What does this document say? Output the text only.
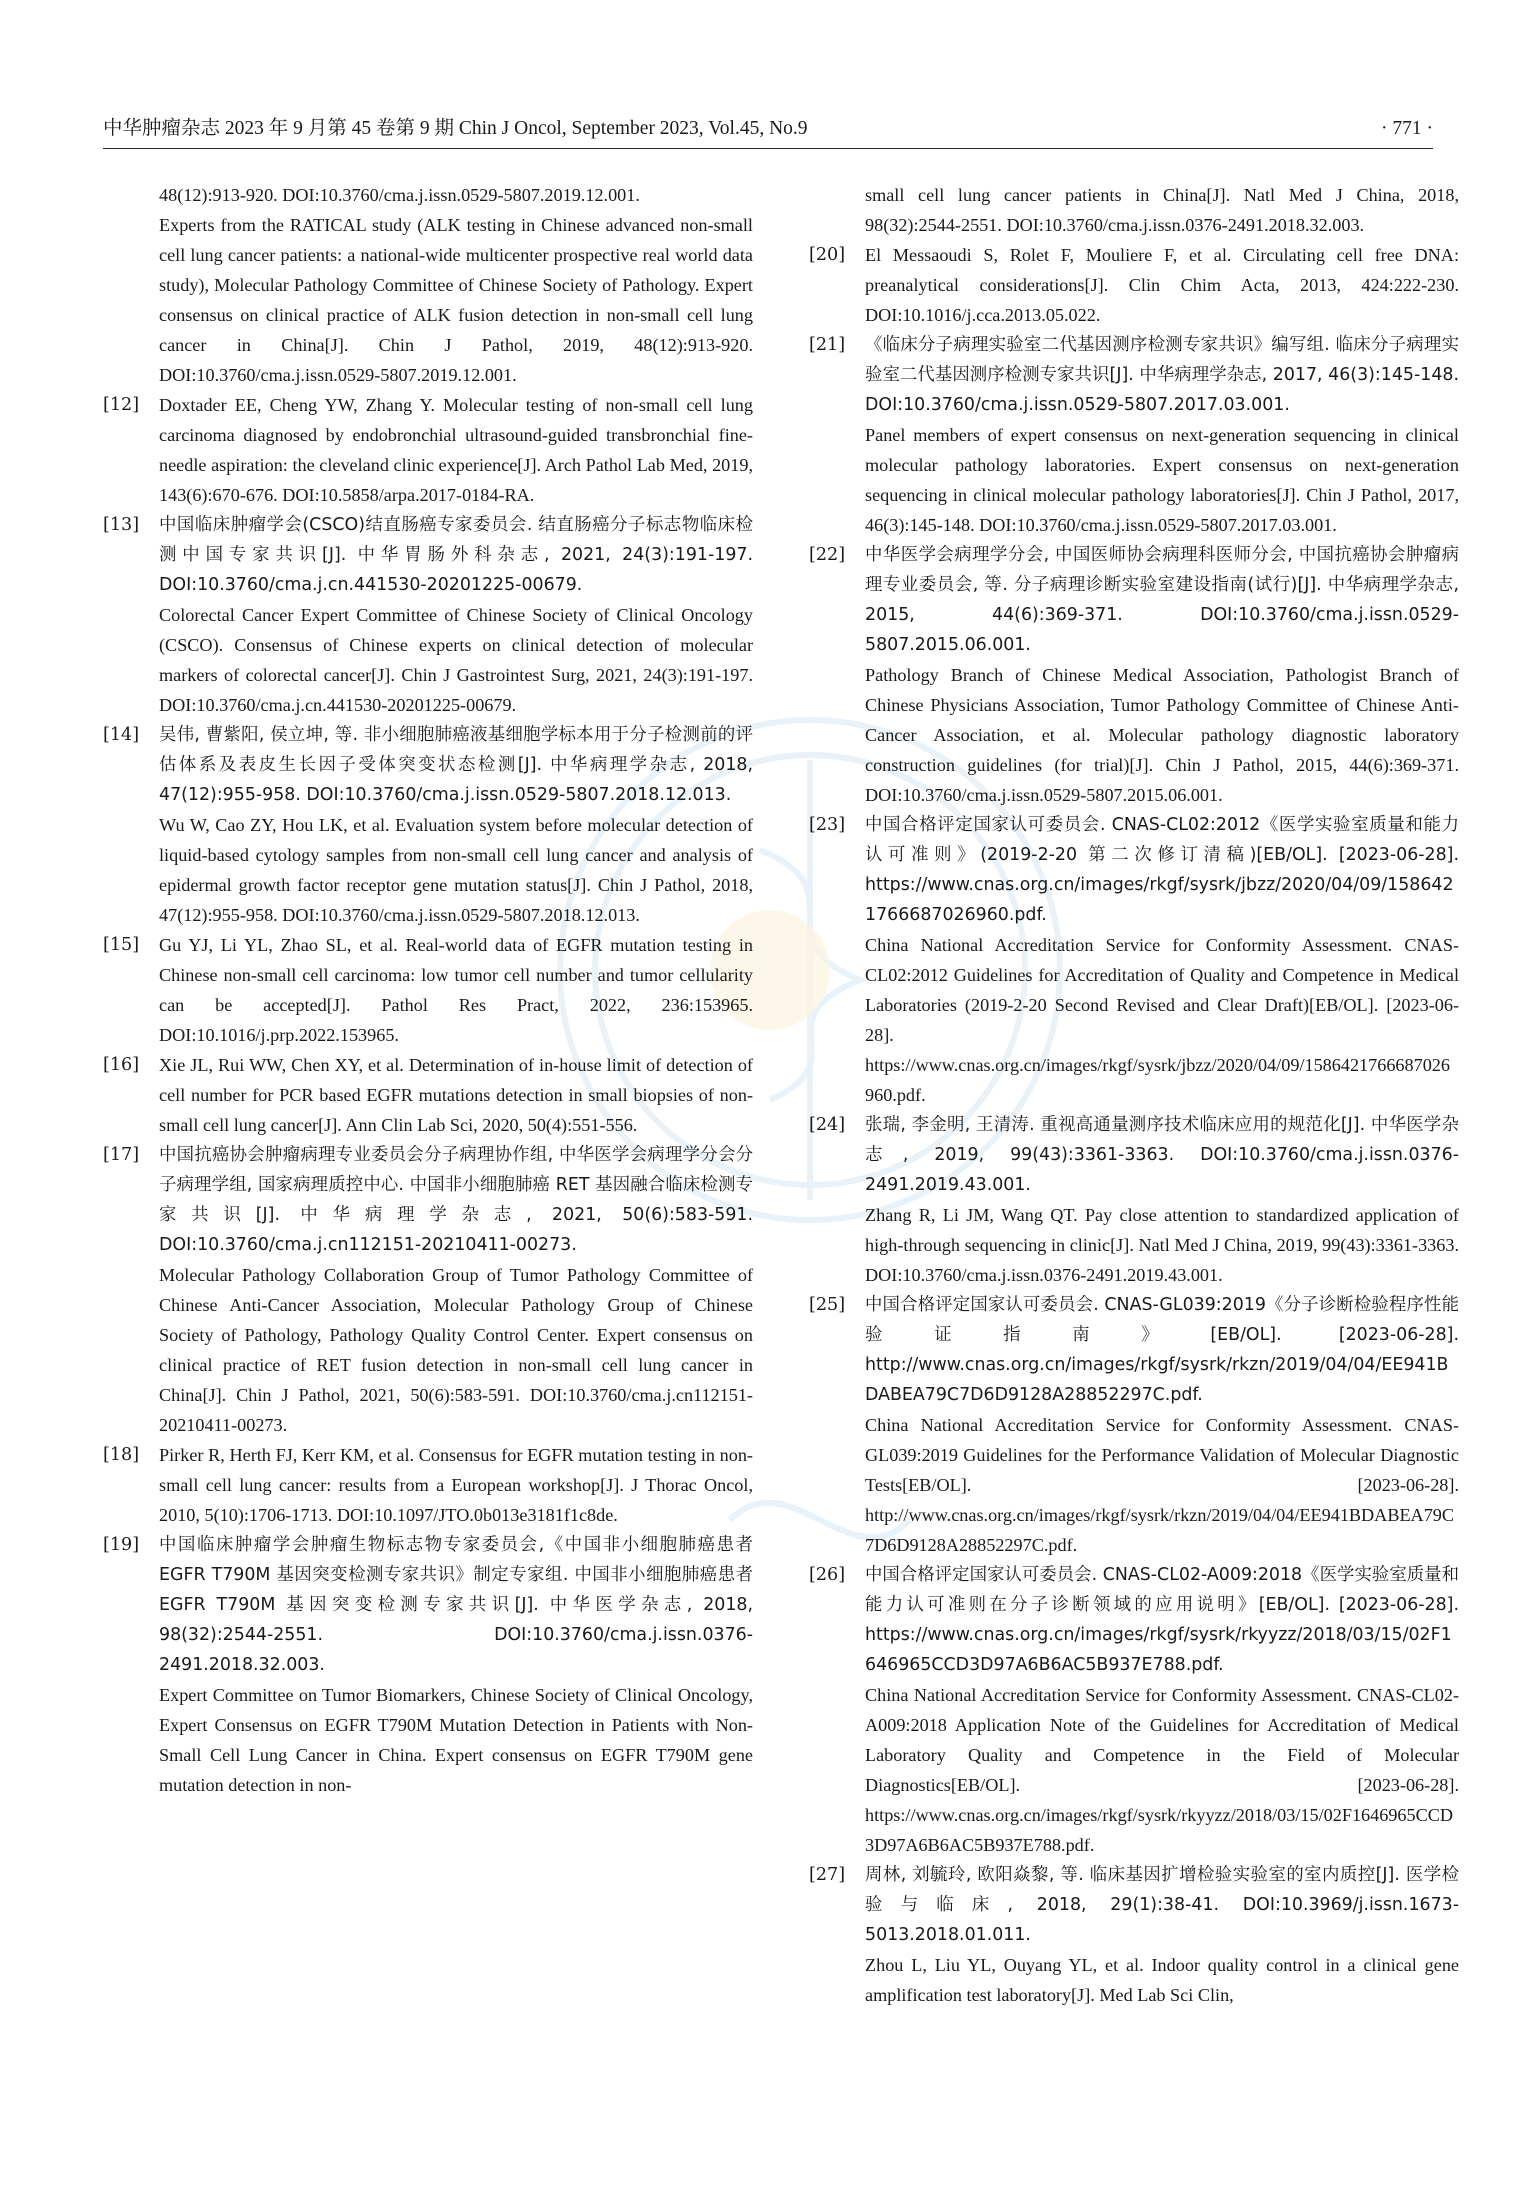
中华肿瘤杂志 2023 年 9 月第 45 卷第 9 期 Chin J Oncol, September 2023, Vol.45, No.9	· 771 ·

48(12):913-920. DOI:10.3760/cma.j.issn.0529-5807.2019.12.001.

Experts from the RATICAL study (ALK testing in Chinese advanced non-small cell lung cancer patients: a national-wide multicenter prospective real world data study), Molecular Pathology Committee of Chinese Society of Pathology. Expert consensus on clinical practice of ALK fusion detection in non-small cell lung cancer in China[J]. Chin J Pathol, 2019, 48(12):913-920. DOI:10.3760/cma.j.issn.0529-5807.2019.12.001.

[12]	Doxtader EE, Cheng YW, Zhang Y. Molecular testing of non-small cell lung carcinoma diagnosed by endobronchial ultrasound-guided transbronchial fine-needle aspiration: the cleveland clinic experience[J]. Arch Pathol Lab Med, 2019, 143(6):670-676. DOI:10.5858/arpa.2017-0184-RA.

[13]	中国临床肿瘤学会(CSCO)结直肠癌专家委员会. 结直肠癌分子标志物临床检测中国专家共识[J]. 中华胃肠外科杂志, 2021, 24(3):191-197. DOI:10.3760/cma.j.cn.441530-20201225-00679.

Colorectal Cancer Expert Committee of Chinese Society of Clinical Oncology (CSCO). Consensus of Chinese experts on clinical detection of molecular markers of colorectal cancer[J]. Chin J Gastrointest Surg, 2021, 24(3):191-197. DOI:10.3760/cma.j.cn.441530-20201225-00679.

[14]	吴伟, 曹紫阳, 侯立坤, 等. 非小细胞肺癌液基细胞学标本用于分子检测前的评估体系及表皮生长因子受体突变状态检测[J]. 中华病理学杂志, 2018, 47(12):955-958. DOI:10.3760/cma.j.issn.0529-5807.2018.12.013.

Wu W, Cao ZY, Hou LK, et al. Evaluation system before molecular detection of liquid-based cytology samples from non-small cell lung cancer and analysis of epidermal growth factor receptor gene mutation status[J]. Chin J Pathol, 2018, 47(12):955-958. DOI:10.3760/cma.j.issn.0529-5807.2018.12.013.

[15]	Gu YJ, Li YL, Zhao SL, et al. Real-world data of EGFR mutation testing in Chinese non-small cell carcinoma: low tumor cell number and tumor cellularity can be accepted[J]. Pathol Res Pract, 2022, 236:153965. DOI:10.1016/j.prp.2022.153965.

[16]	Xie JL, Rui WW, Chen XY, et al. Determination of in-house limit of detection of cell number for PCR based EGFR mutations detection in small biopsies of non-small cell lung cancer[J]. Ann Clin Lab Sci, 2020, 50(4):551-556.

[17]	中国抗癌协会肿瘤病理专业委员会分子病理协作组, 中华医学会病理学分会分子病理学组, 国家病理质控中心. 中国非小细胞肺癌 RET 基因融合临床检测专家共识[J]. 中华病理学杂志, 2021, 50(6):583-591. DOI:10.3760/cma.j.cn112151-20210411-00273.

Molecular Pathology Collaboration Group of Tumor Pathology Committee of Chinese Anti-Cancer Association, Molecular Pathology Group of Chinese Society of Pathology, Pathology Quality Control Center. Expert consensus on clinical practice of RET fusion detection in non-small cell lung cancer in China[J]. Chin J Pathol, 2021, 50(6):583-591. DOI:10.3760/cma.j.cn112151-20210411-00273.

[18]	Pirker R, Herth FJ, Kerr KM, et al. Consensus for EGFR mutation testing in non-small cell lung cancer: results from a European workshop[J]. J Thorac Oncol, 2010, 5(10):1706-1713. DOI:10.1097/JTO.0b013e3181f1c8de.

[19]	中国临床肿瘤学会肿瘤生物标志物专家委员会,《中国非小细胞肺癌患者 EGFR T790M 基因突变检测专家共识》制定专家组. 中国非小细胞肺癌患者 EGFR T790M 基因突变检测专家共识[J]. 中华医学杂志, 2018, 98(32):2544-2551. DOI:10.3760/cma.j.issn.0376-2491.2018.32.003.

Expert Committee on Tumor Biomarkers, Chinese Society of Clinical Oncology, Expert Consensus on EGFR T790M Mutation Detection in Patients with Non-Small Cell Lung Cancer in China. Expert consensus on EGFR T790M gene mutation detection in non-

small cell lung cancer patients in China[J]. Natl Med J China, 2018, 98(32):2544-2551. DOI:10.3760/cma.j.issn.0376-2491.2018.32.003.

[20]	El Messaoudi S, Rolet F, Mouliere F, et al. Circulating cell free DNA: preanalytical considerations[J]. Clin Chim Acta, 2013, 424:222-230. DOI:10.1016/j.cca.2013.05.022.

[21]	《临床分子病理实验室二代基因测序检测专家共识》编写组. 临床分子病理实验室二代基因测序检测专家共识[J]. 中华病理学杂志, 2017, 46(3):145-148. DOI:10.3760/cma.j.issn.0529-5807.2017.03.001.

Panel members of expert consensus on next-generation sequencing in clinical molecular pathology laboratories. Expert consensus on next-generation sequencing in clinical molecular pathology laboratories[J]. Chin J Pathol, 2017, 46(3):145-148. DOI:10.3760/cma.j.issn.0529-5807.2017.03.001.

[22]	中华医学会病理学分会, 中国医师协会病理科医师分会, 中国抗癌协会肿瘤病理专业委员会, 等. 分子病理诊断实验室建设指南(试行)[J]. 中华病理学杂志, 2015, 44(6):369-371. DOI:10.3760/cma.j.issn.0529-5807.2015.06.001.

Pathology Branch of Chinese Medical Association, Pathologist Branch of Chinese Physicians Association, Tumor Pathology Committee of Chinese Anti-Cancer Association, et al. Molecular pathology diagnostic laboratory construction guidelines (for trial)[J]. Chin J Pathol, 2015, 44(6):369-371. DOI:10.3760/cma.j.issn.0529-5807.2015.06.001.

[23]	中国合格评定国家认可委员会. CNAS-CL02:2012《医学实验室质量和能力认可准则》(2019-2-20 第二次修订清稿)[EB/OL]. [2023-06-28]. https://www.cnas.org.cn/images/rkgf/sysrk/jbzz/2020/04/09/1586421766687026960.pdf.

China National Accreditation Service for Conformity Assessment. CNAS-CL02:2012 Guidelines for Accreditation of Quality and Competence in Medical Laboratories (2019-2-20 Second Revised and Clear Draft)[EB/OL]. [2023-06-28]. https://www.cnas.org.cn/images/rkgf/sysrk/jbzz/2020/04/09/1586421766687026960.pdf.

[24]	张瑞, 李金明, 王清涛. 重视高通量测序技术临床应用的规范化[J]. 中华医学杂志, 2019, 99(43):3361-3363. DOI:10.3760/cma.j.issn.0376-2491.2019.43.001.

Zhang R, Li JM, Wang QT. Pay close attention to standardized application of high-through sequencing in clinic[J]. Natl Med J China, 2019, 99(43):3361-3363. DOI:10.3760/cma.j.issn.0376-2491.2019.43.001.

[25]	中国合格评定国家认可委员会. CNAS-GL039:2019《分子诊断检验程序性能验证指南》[EB/OL]. [2023-06-28]. http://www.cnas.org.cn/images/rkgf/sysrk/rkzn/2019/04/04/EE941BDABEA79C7D6D9128A28852297C.pdf.

China National Accreditation Service for Conformity Assessment. CNAS-GL039:2019 Guidelines for the Performance Validation of Molecular Diagnostic Tests[EB/OL]. [2023-06-28]. http://www.cnas.org.cn/images/rkgf/sysrk/rkzn/2019/04/04/EE941BDABEA79C7D6D9128A28852297C.pdf.

[26]	中国合格评定国家认可委员会. CNAS-CL02-A009:2018《医学实验室质量和能力认可准则在分子诊断领域的应用说明》[EB/OL]. [2023-06-28]. https://www.cnas.org.cn/images/rkgf/sysrk/rkyyzz/2018/03/15/02F1646965CCD3D97A6B6AC5B937E788.pdf.

China National Accreditation Service for Conformity Assessment. CNAS-CL02-A009:2018 Application Note of the Guidelines for Accreditation of Medical Laboratory Quality and Competence in the Field of Molecular Diagnostics[EB/OL]. [2023-06-28]. https://www.cnas.org.cn/images/rkgf/sysrk/rkyyzz/2018/03/15/02F1646965CCD3D97A6B6AC5B937E788.pdf.

[27]	周林, 刘毓玲, 欧阳焱黎, 等. 临床基因扩增检验实验室的室内质控[J]. 医学检验与临床, 2018, 29(1):38-41. DOI:10.3969/j.issn.1673-5013.2018.01.011.

Zhou L, Liu YL, Ouyang YL, et al. Indoor quality control in a clinical gene amplification test laboratory[J]. Med Lab Sci Clin,
